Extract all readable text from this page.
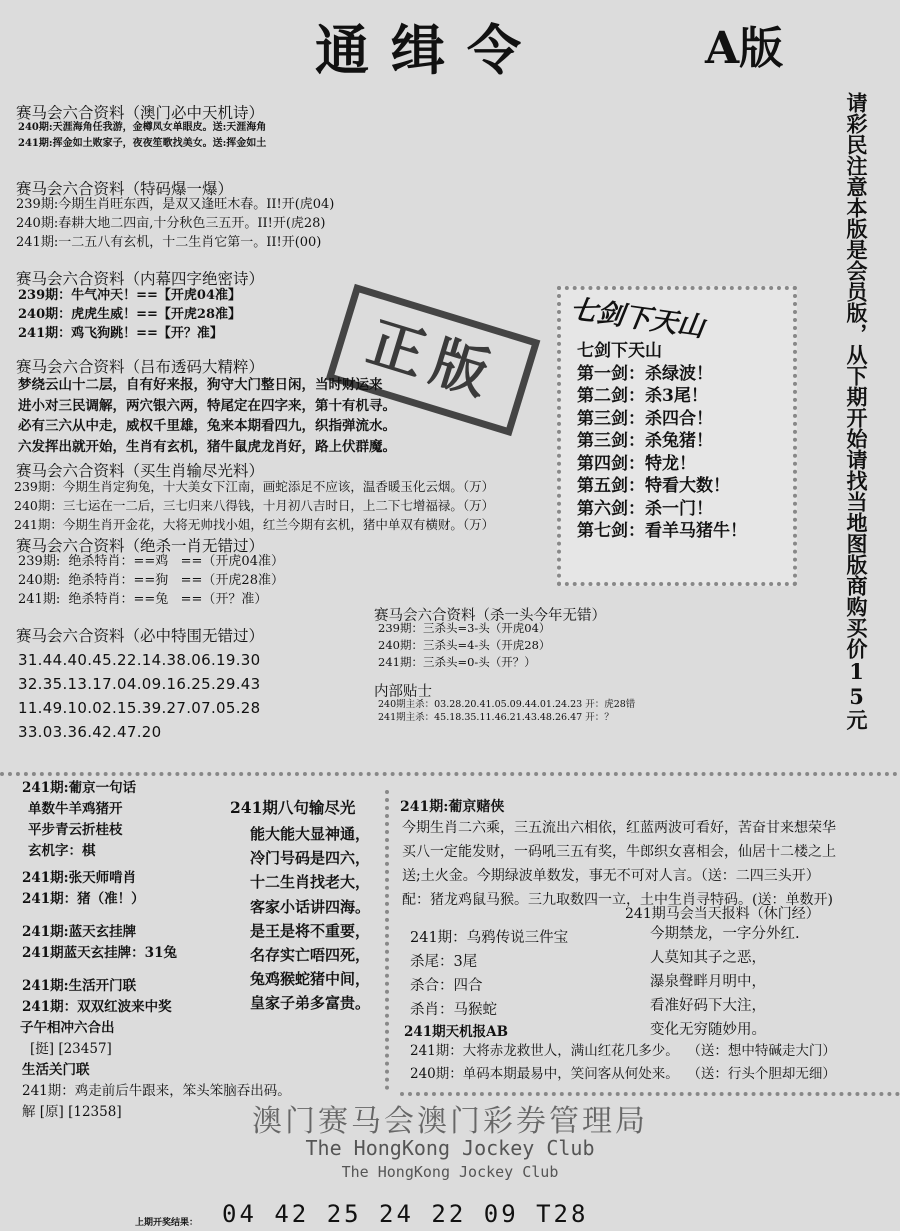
通缉令	A版
请彩民注意本版是会员版，从下期开始请找当地图版商购买价15元
赛马会六合资料（澳门必中天机诗）
240期:天涯海角任我游，金樽凤女单眼皮。送:天涯海角
241期:挥金如土败家子，夜夜笙歌找美女。送:挥金如土
赛马会六合资料（特码爆一爆）
239期:今期生肖旺东西，是双又逢旺木春。II!开(虎04)
240期:春耕大地二四亩,十分秋色三五开。II!开(虎28)
241期:一二五八有玄机，十二生肖它第一。II!开(00)
赛马会六合资料（内幕四字绝密诗）
239期：牛气冲天！==【开虎04准】
240期：虎虎生威！==【开虎28准】
241期：鸡飞狗跳！==【开？准】	正版
赛马会六合资料（吕布透码大精粹）
梦绕云山十二层，自有好来报，狗守大门整日闲，当时财运来
进小对三民调解，两穴银六两，特尾定在四字来，第十有机寻。
必有三六从中走，威权千里雄，兔来本期看四九，织指弹流水。
六发挥出就开始，生肖有玄机，猪牛鼠虎龙肖好，路上伏群魔。
赛马会六合资料（买生肖输尽光料）
239期：今期生肖定狗兔，十大美女下江南，画蛇添足不应该，温香暖玉化云烟。（万）
240期：三七运在一二后，三七归来八得钱，十月初八吉时日，上二下七增福禄。（万）
241期：今期生肖开金花，大将无帅找小姐，红兰今期有玄机，猪中单双有横财。（万）
赛马会六合资料（绝杀一肖无错过）
239期:  绝杀特肖：==鸡   ==（开虎04准）
240期:  绝杀特肖：==狗   ==（开虎28准）
241期:  绝杀特肖：==兔   ==（开？准）
赛马会六合资料（必中特围无错过）
31.44.40.45.22.14.38.06.19.30
32.35.13.17.04.09.16.25.29.43
11.49.10.02.15.39.27.07.05.28
33.03.36.42.47.20
七剑下天山
七剑下天山
第一剑：杀绿波！
第二剑：杀3尾！
第三剑：杀四合！
第三剑：杀兔猪！
第四剑：特龙！
第五剑：特看大数！
第六剑：杀一门！
第七剑：看羊马猪牛！
赛马会六合资料（杀一头今年无错）
239期：三杀头=3-头（开虎04）
240期：三杀头=4-头（开虎28）
241期：三杀头=0-头（开？）
内部贴士
240期主杀：03.28.20.41.05.09.44.01.24.23 开：虎28错
241期主杀：45.18.35.11.46.21.43.48.26.47 开：？
241期:葡京一句话
单数牛羊鸡猪开
平步青云折桂枝
玄机字：棋
241期:张天师啃肖
241期：猪（准！）
241期:蓝天玄挂牌
241期蓝天玄挂牌：31兔
241期:生活开门联
241期：双双红波来中奖
子午相冲六合出
[挺] [23457]
生活关门联
241期：鸡走前后牛跟来，笨头笨脑吞出码。
解 [原] [12358]
241期八句输尽光
能大能大显神通，
冷门号码是四六，
十二生肖找老大，
客家小话讲四海。
是王是将不重要，
名存实亡唔四死，
兔鸡猴蛇猪中间，
皇家子弟多富贵。
241期:葡京赌侠
今期生肖二六乘，三五流出六相依，红蓝两波可看好，苦奋甘来想荣华
买八一定能发财，一码吼三五有奖，牛郎织女喜相会，仙居十二楼之上
送;土火金。今期绿波单数发，事无不可对人言。（送：二四三头开）
配：猪龙鸡鼠马猴。三九取数四一立，土中生肖寻特码。(送：单数开)
241期：乌鸦传说三件宝
杀尾：3尾
杀合：四合
杀肖：马猴蛇
241期马会当天报料（休门经）
今期禁龙，一字分外红.
人莫知其子之恶，
瀑泉聲畔月明中，
看准好码下大注，
变化无穷随妙用。
241期天机报AB
241期：大将赤龙救世人，满山红花几多少。  （送：想中特碱走大门）
240期：单码本期最易中，笑问客从何处来。  （送：行头个胆却无细）
澳门赛马会澳门彩券管理局
The HongKong Jockey Club
The HongKong Jockey Club
上期开奖结果： 04 42 25 24 22 09 T28
